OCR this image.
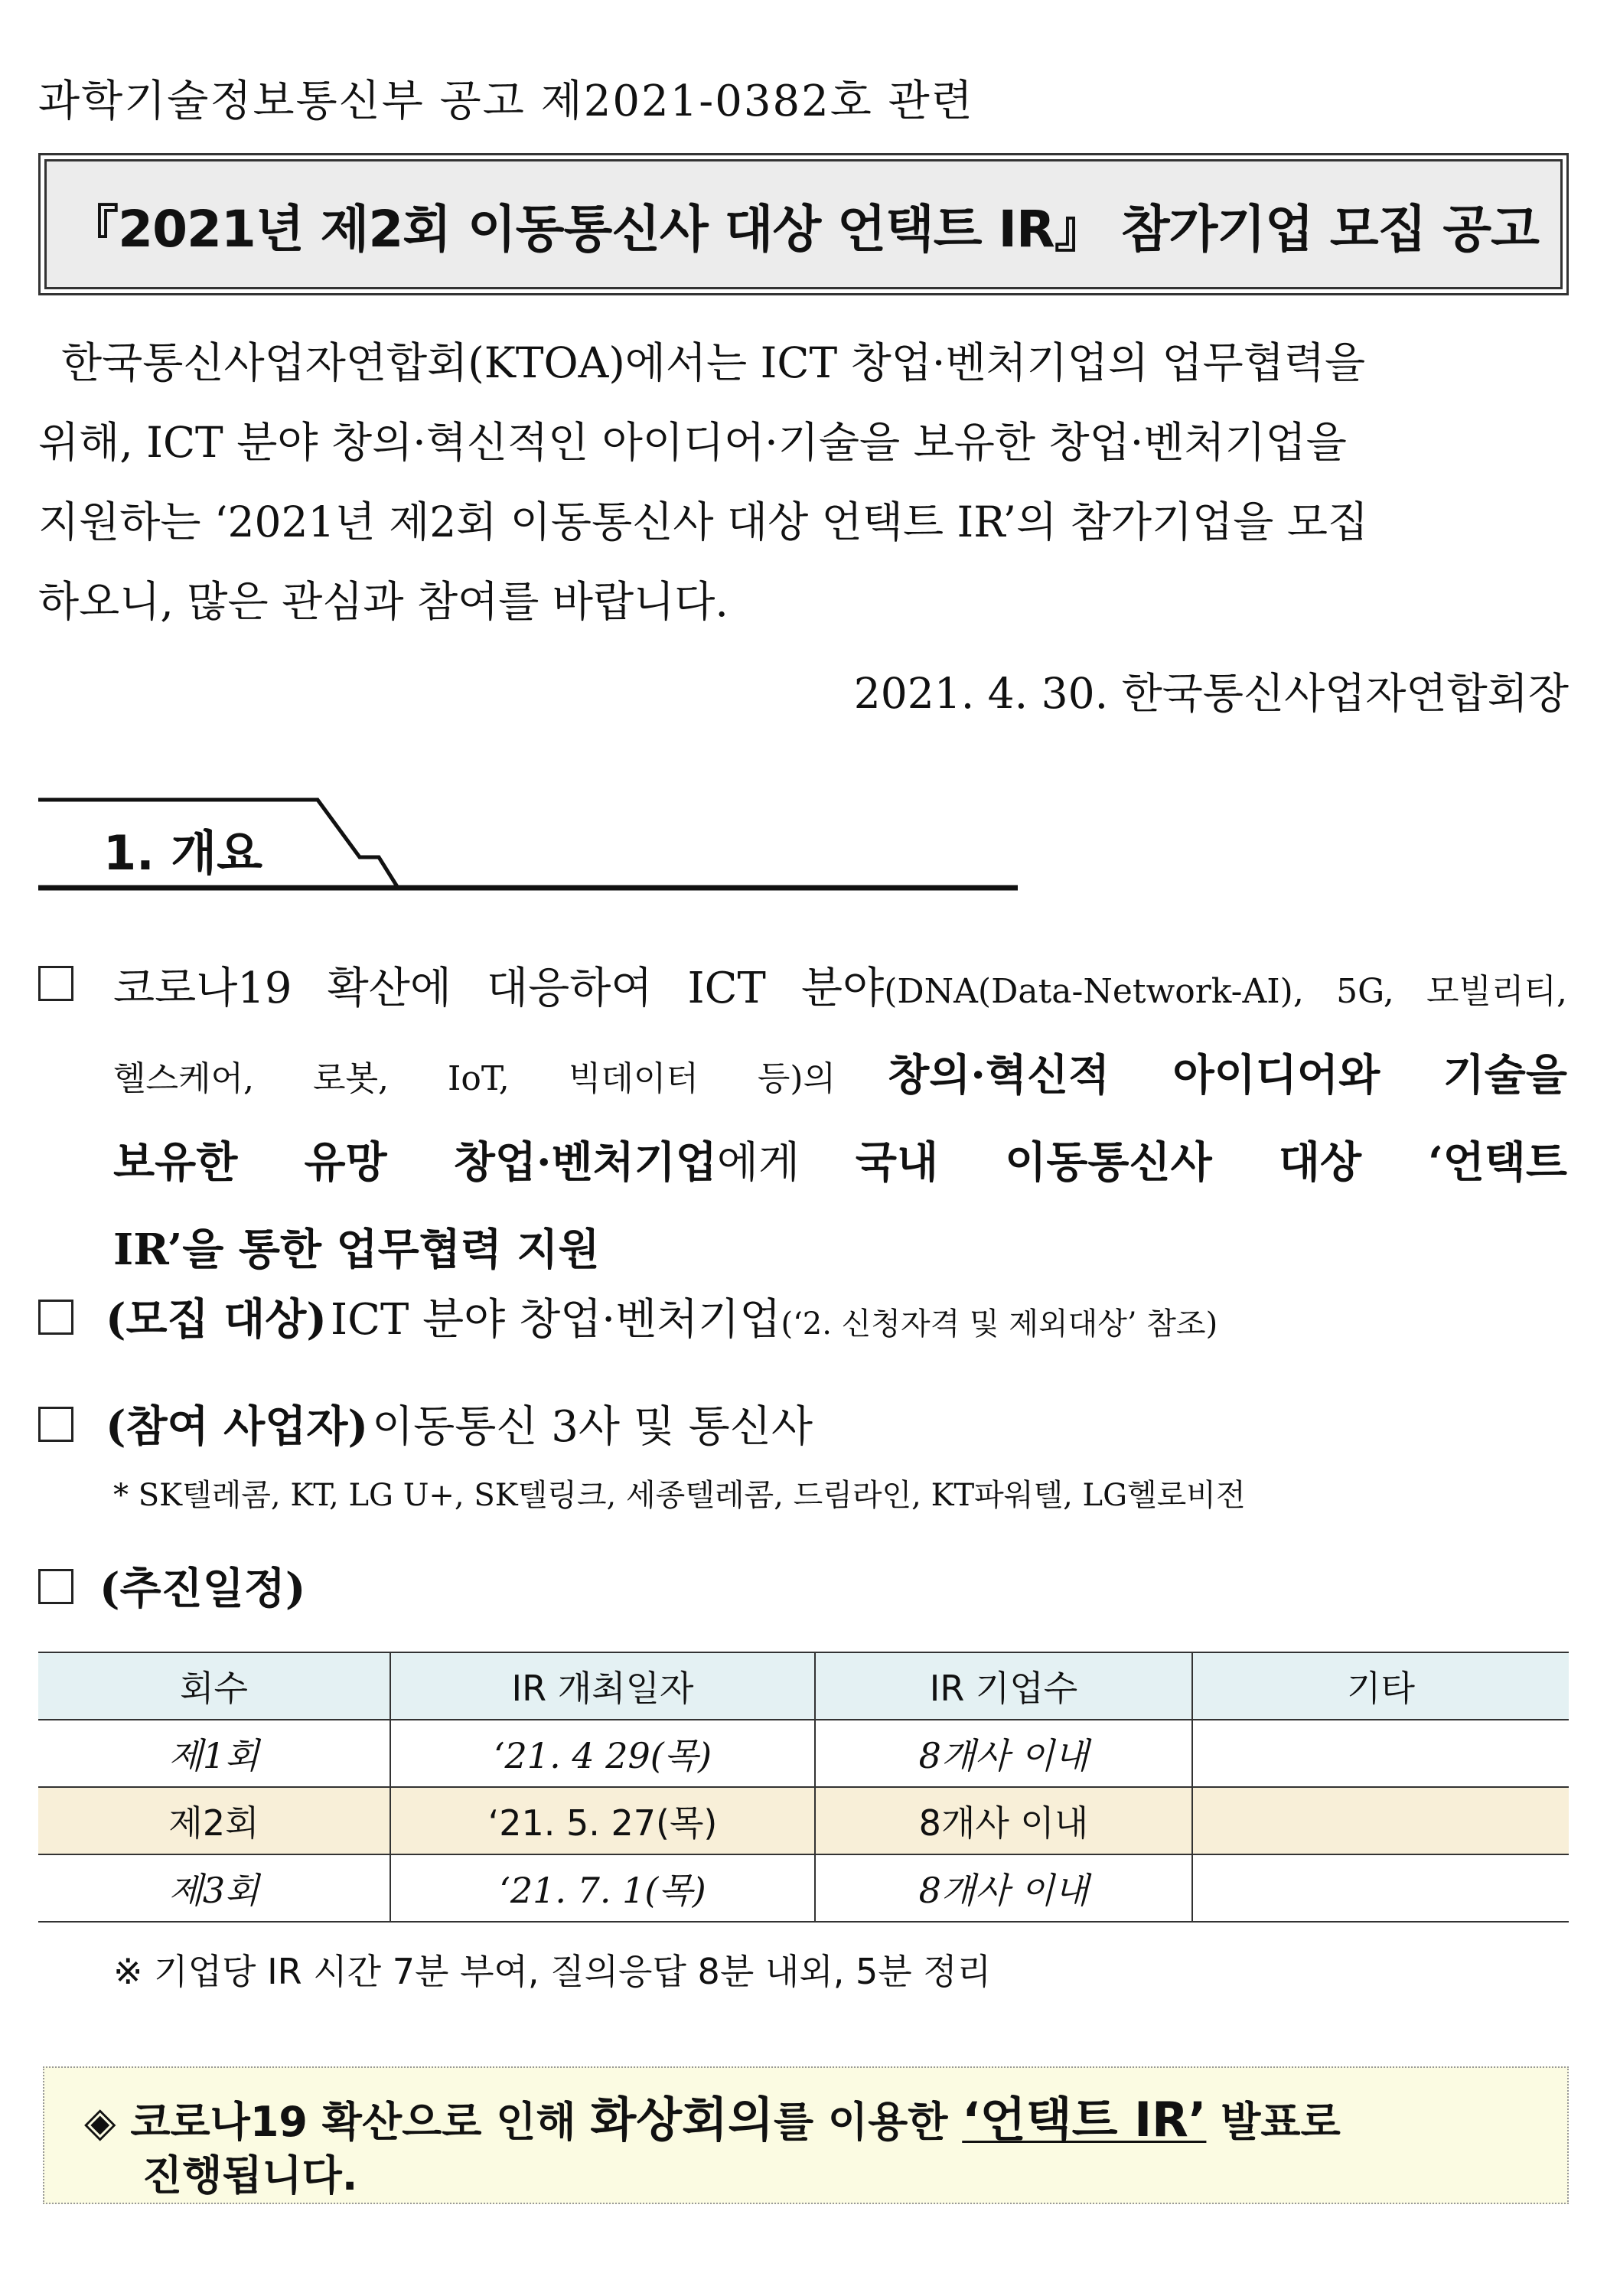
과학기술정보통신부 공고 제2021-0382호 관련
『2021년 제2회 이동통신사 대상 언택트 IR』 참가기업 모집 공고
한국통신사업자연합회(KTOA)에서는 ICT 창업·벤처기업의 업무협력을
위해, ICT 분야 창의·혁신적인 아이디어·기술을 보유한 창업·벤처기업을
지원하는 ‘2021년 제2회 이동통신사 대상 언택트 IR’의 참가기업을 모집
하오니, 많은 관심과 참여를 바랍니다.
2021. 4. 30. 한국통신사업자연합회장
1. 개요
코로나19 확산에 대응하여 ICT 분야(DNA(Data-Network-AI), 5G, 모빌리티,
헬스케어, 로봇, IoT, 빅데이터 등)의 창의·혁신적 아이디어와 기술을
보유한 유망 창업·벤처기업에게 국내 이동통신사 대상 ‘언택트
IR’을 통한 업무협력 지원
(모집 대상) ICT 분야 창업·벤처기업(‘2. 신청자격 및 제외대상’ 참조)
(참여 사업자) 이동통신 3사 및 통신사
* SK텔레콤, KT, LG U+, SK텔링크, 세종텔레콤, 드림라인, KT파워텔, LG헬로비전
(추진일정)
회수	IR 개최일자	IR 기업수	기타
제1회	‘21. 4 29(목)	8개사 이내	
제2회	‘21. 5. 27(목)	8개사 이내	
제3회	‘21. 7. 1(목)	8개사 이내	
※ 기업당 IR 시간 7분 부여, 질의응답 8분 내외, 5분 정리
◈ 코로나19 확산으로 인해 화상회의를 이용한 ‘언택트 IR’ 발표로
진행됩니다.
